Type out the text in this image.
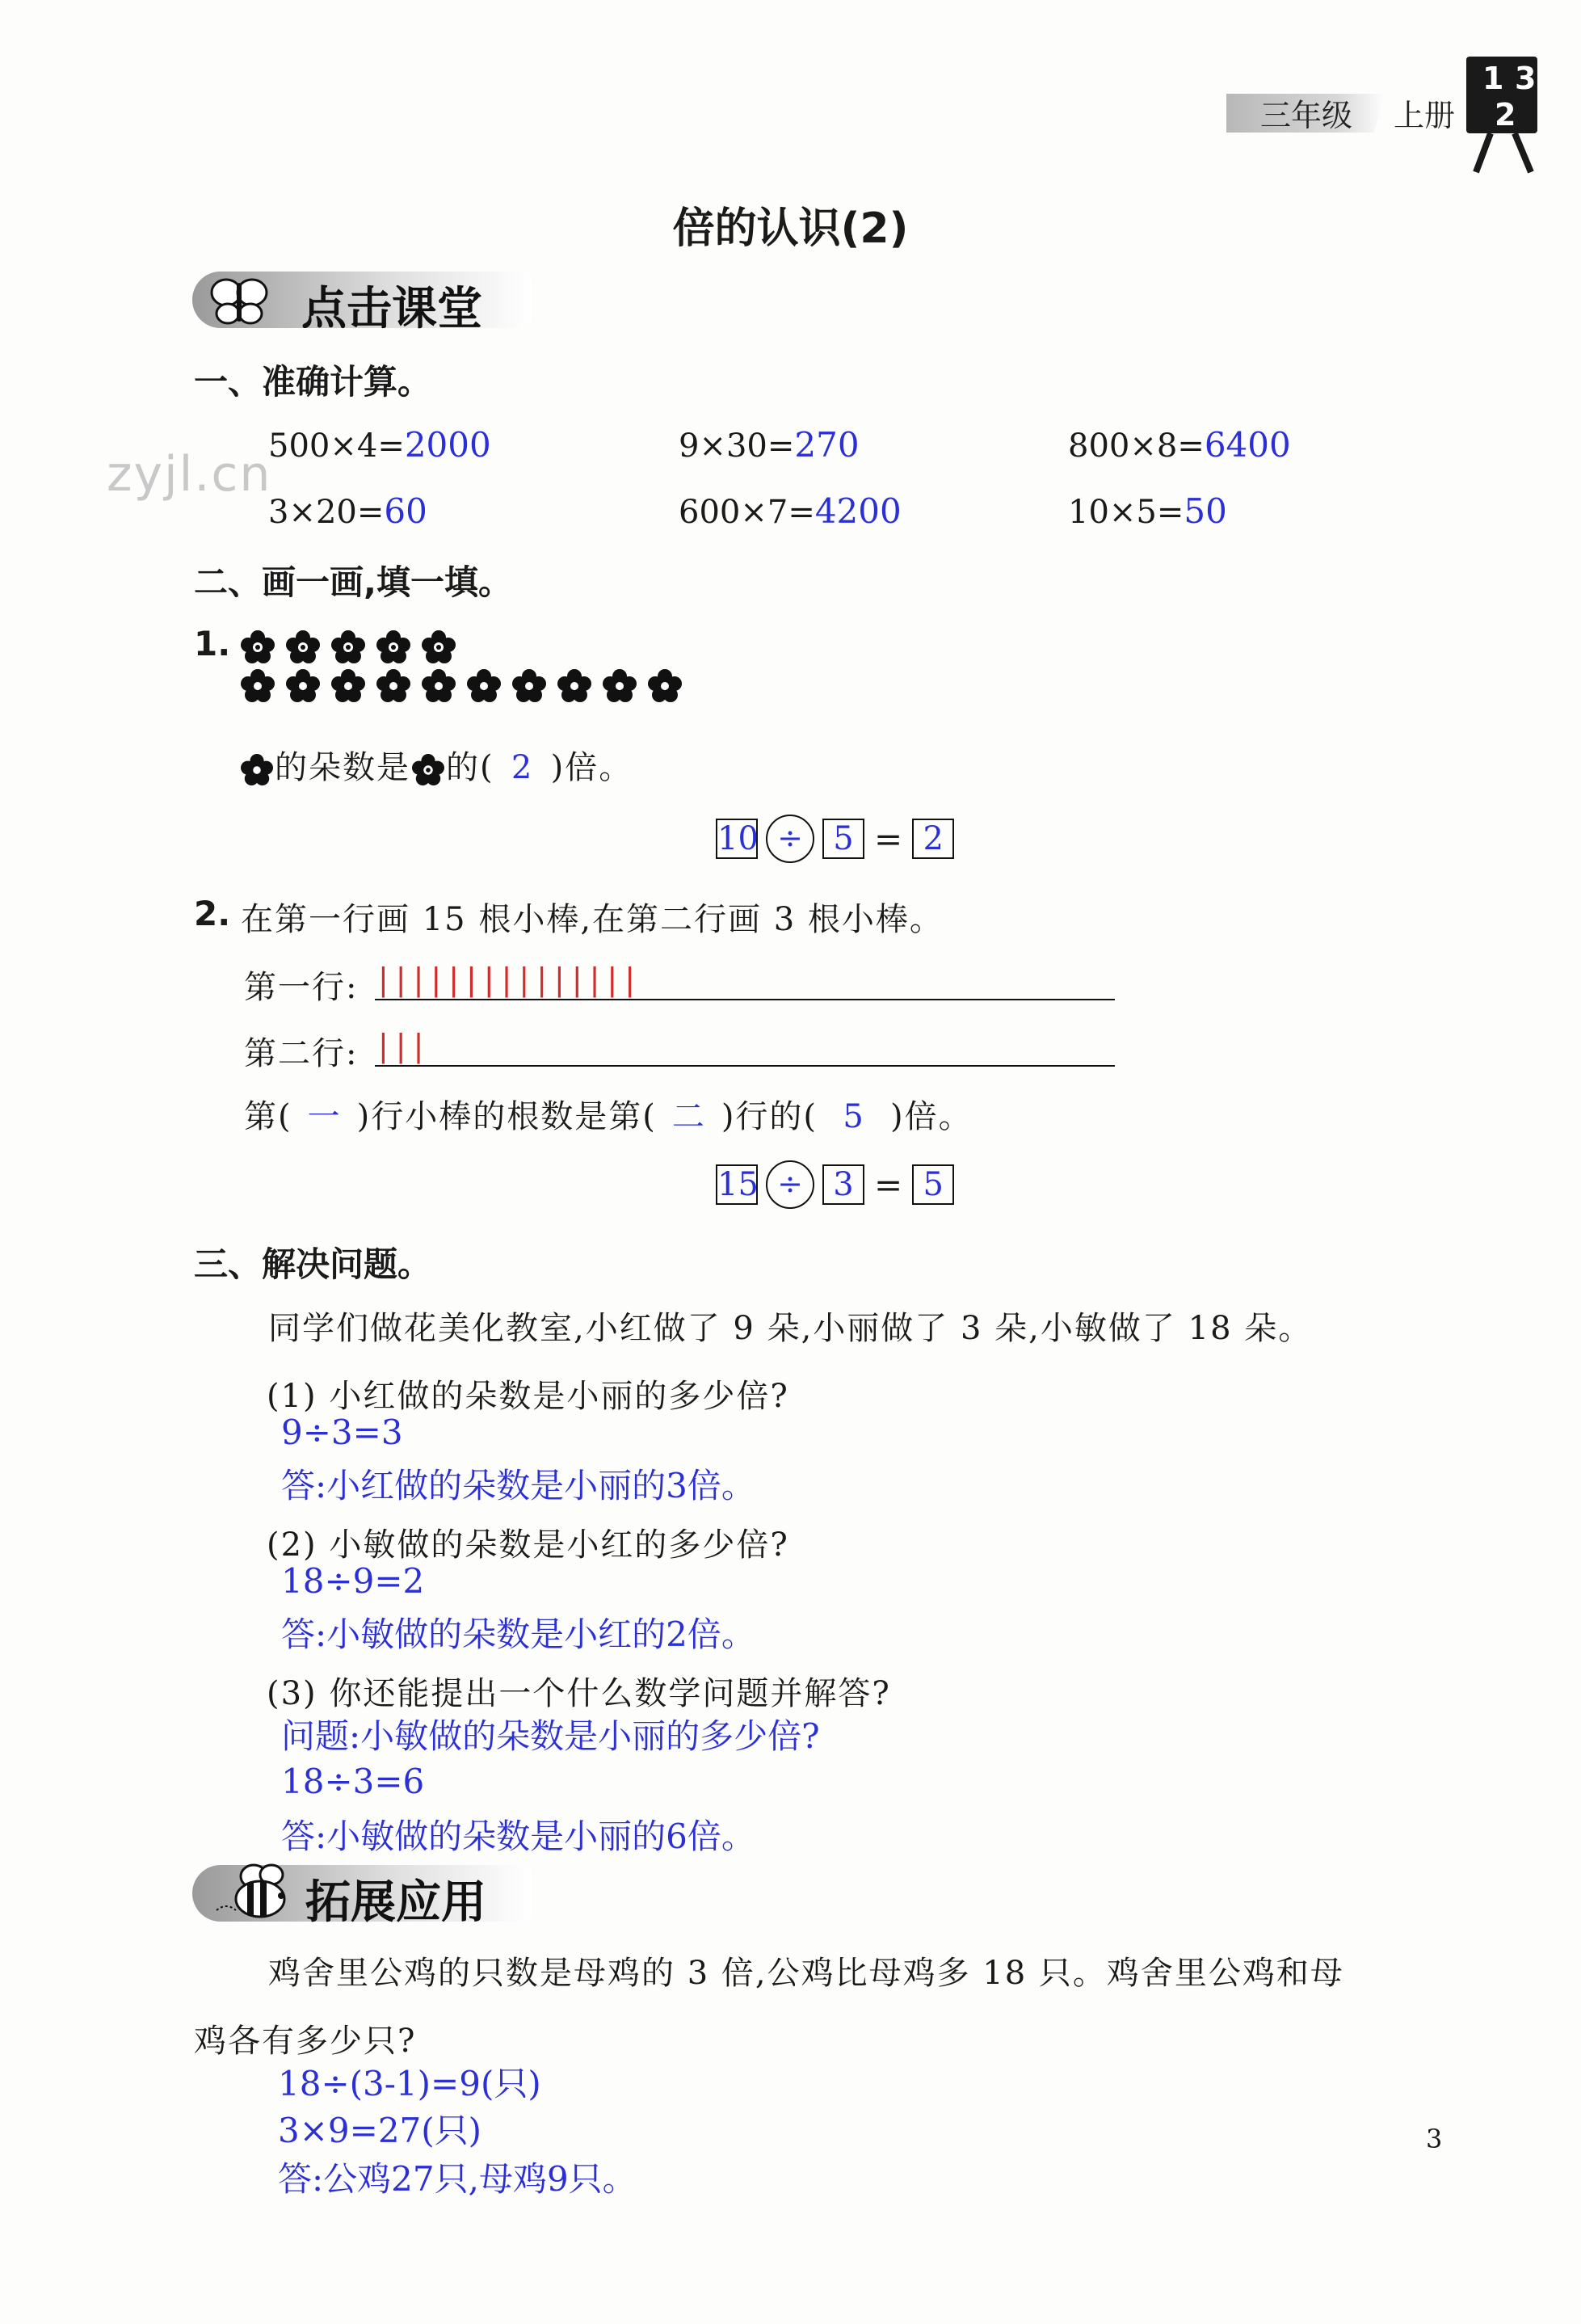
三年级 上册
1 3
2
zyjl.cn
倍的认识(2)
点击课堂
一、准确计算。
500×4=2000	9×30=270	800×8=6400
3×20=60	600×7=4200	10×5=50
二、画一画,填一填。
1.
的朵数是 的( 2 )倍。
10 ÷ 5 = 2
2. 在第一行画 15 根小棒,在第二行画 3 根小棒。
第一行: |||||||||||||||
第二行: |||
第( 一 )行小棒的根数是第( 二 )行的( 5 )倍。
15 ÷ 3 = 5
三、解决问题。
同学们做花美化教室,小红做了 9 朵,小丽做了 3 朵,小敏做了 18 朵。
(1) 小红做的朵数是小丽的多少倍?
9÷3=3
答:小红做的朵数是小丽的3倍。
(2) 小敏做的朵数是小红的多少倍?
18÷9=2
答:小敏做的朵数是小红的2倍。
(3) 你还能提出一个什么数学问题并解答?
问题:小敏做的朵数是小丽的多少倍?
18÷3=6
答:小敏做的朵数是小丽的6倍。
拓展应用
鸡舍里公鸡的只数是母鸡的 3 倍,公鸡比母鸡多 18 只。鸡舍里公鸡和母
鸡各有多少只?
18÷(3-1)=9(只)
3×9=27(只)
答:公鸡27只,母鸡9只。
3
